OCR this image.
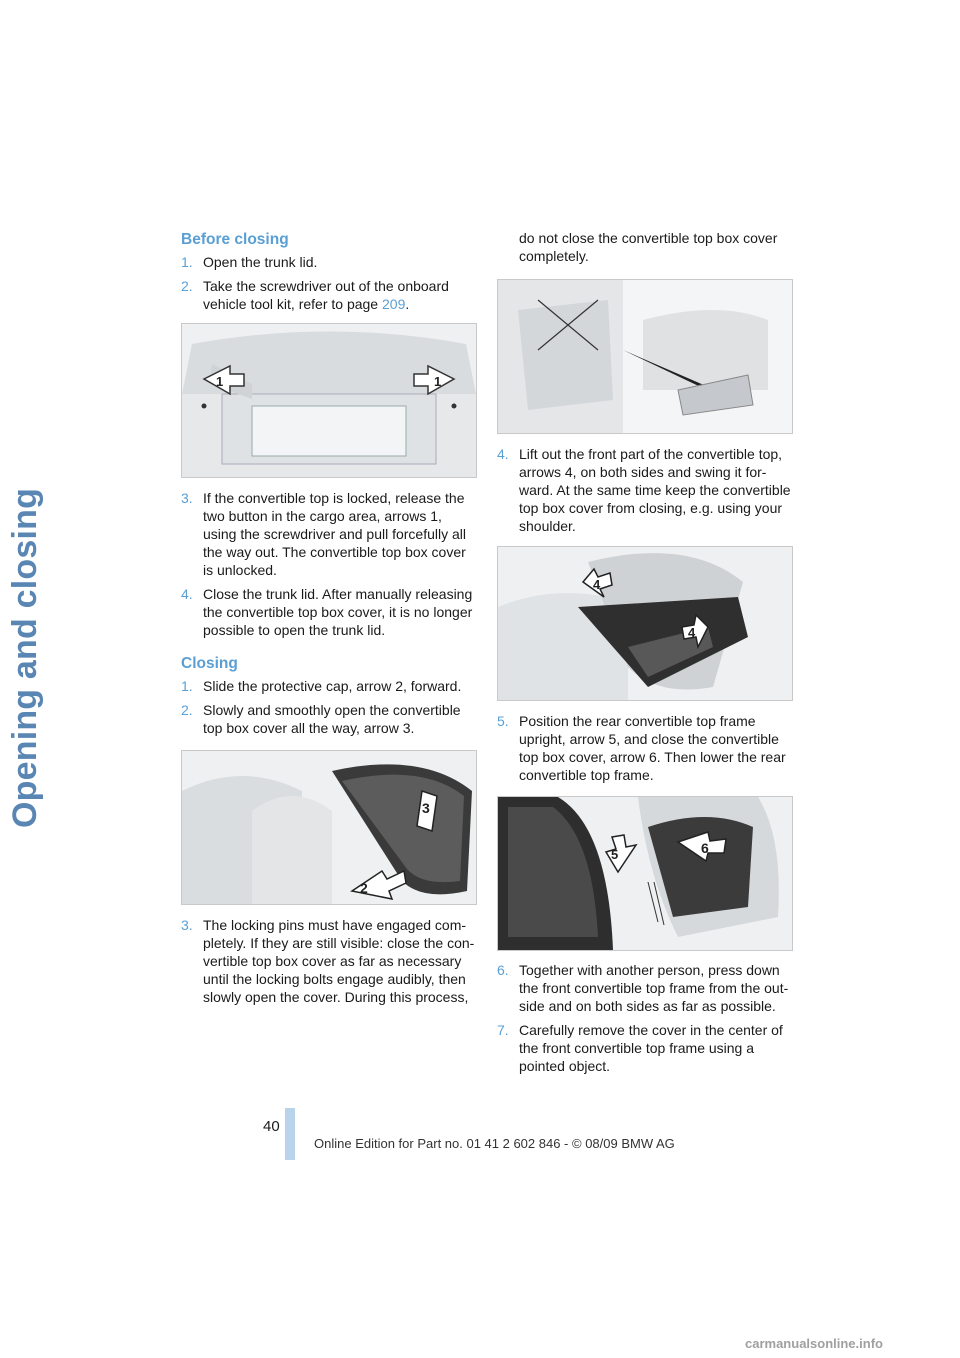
Opening and closing
Before closing
1. Open the trunk lid.
2. Take the screwdriver out of the onboard vehicle tool kit, refer to page 209.
1	1
3. If the convertible top is locked, release the two button in the cargo area, arrows 1, using the screwdriver and pull forcefully all the way out. The convertible top box cover is unlocked.
4. Close the trunk lid. After manually releasing the convertible top box cover, it is no longer possible to open the trunk lid.
Closing
1. Slide the protective cap, arrow 2, forward.
2. Slowly and smoothly open the convertible top box cover all the way, arrow 3.
3
2
3. The locking pins must have engaged com-pletely. If they are still visible: close the con-vertible top box cover as far as necessary until the locking bolts engage audibly, then slowly open the cover. During this process,
do not close the convertible top box cover completely.
4. Lift out the front part of the convertible top, arrows 4, on both sides and swing it for-ward. At the same time keep the convertible top box cover from closing, e.g. using your shoulder.
4
4
5. Position the rear convertible top frame upright, arrow 5, and close the convertible top box cover, arrow 6. Then lower the rear convertible top frame.
5	6
6. Together with another person, press down the front convertible top frame from the out-side and on both sides as far as possible.
7. Carefully remove the cover in the center of the front convertible top frame using a pointed object.
40
Online Edition for Part no. 01 41 2 602 846 - © 08/09 BMW AG
carmanualsonline.info
